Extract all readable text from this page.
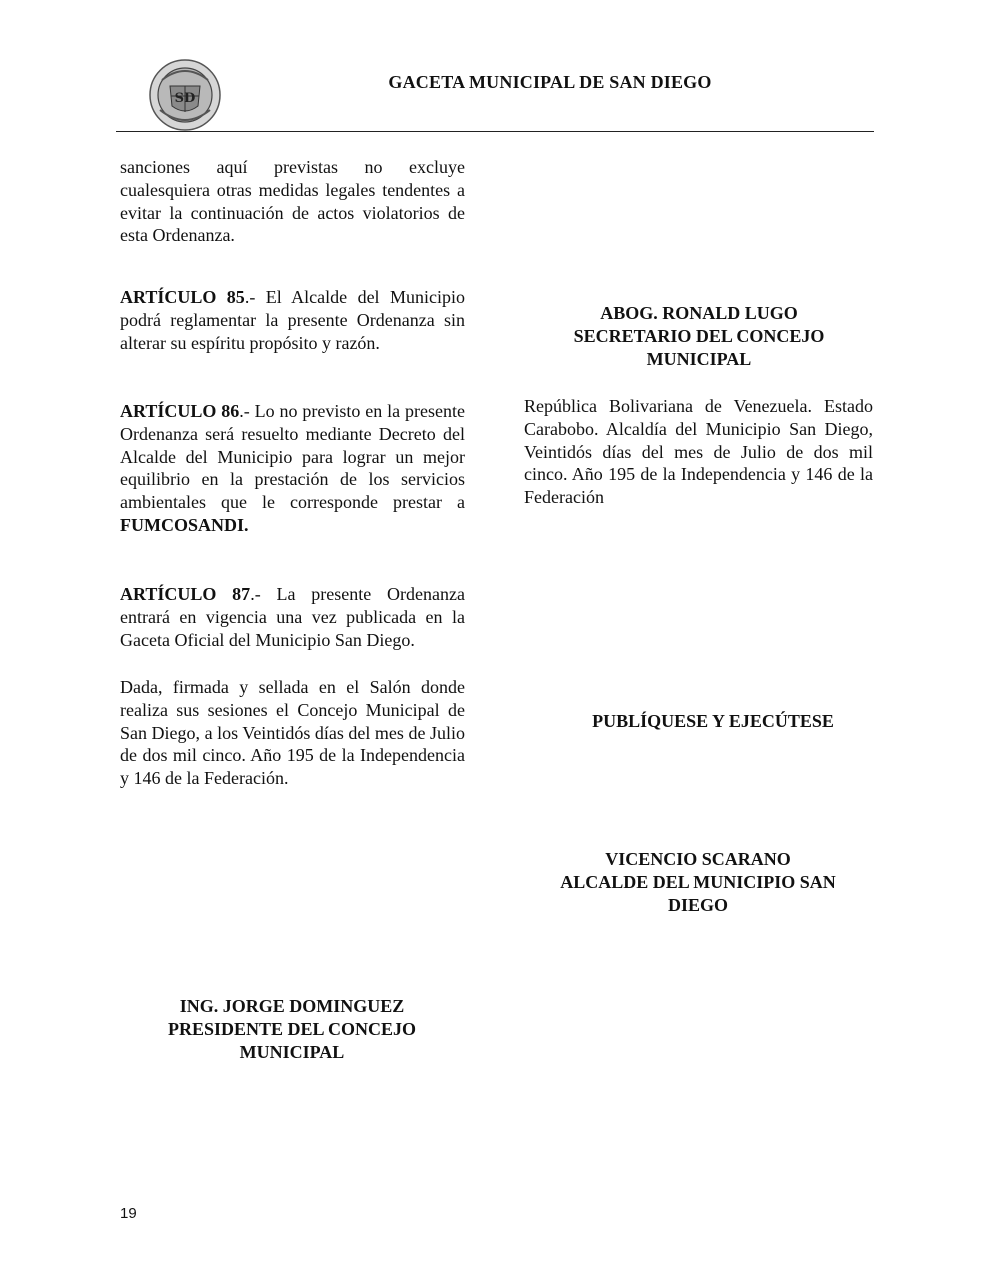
SD
GACETA MUNICIPAL DE SAN DIEGO

sanciones aquí previstas no excluye cualesquiera otras medidas legales tendentes a evitar la continuación de actos violatorios de esta Ordenanza.

ARTÍCULO 85.- El Alcalde del Municipio podrá reglamentar la presente Ordenanza sin alterar su espíritu propósito y razón.

ARTÍCULO 86.- Lo no previsto en la presente Ordenanza será resuelto mediante Decreto del Alcalde del Municipio para lograr un mejor equilibrio en la prestación de los servicios ambientales que le corresponde prestar a FUMCOSANDI.

ARTÍCULO 87.- La presente Ordenanza entrará en vigencia una vez publicada en la Gaceta Oficial del Municipio San Diego.

Dada, firmada y sellada en el Salón donde realiza sus sesiones el Concejo Municipal de San Diego, a los Veintidós días del mes de Julio de dos mil cinco. Año 195 de la Independencia y 146 de la Federación.

ING. JORGE DOMINGUEZ

PRESIDENTE DEL CONCEJO MUNICIPAL

ABOG. RONALD LUGO

SECRETARIO DEL CONCEJO MUNICIPAL

República Bolivariana de Venezuela. Estado Carabobo. Alcaldía del Municipio San Diego, Veintidós días del mes de Julio de dos mil cinco. Año 195 de la Independencia y 146 de la Federación

PUBLÍQUESE Y EJECÚTESE

VICENCIO SCARANO

ALCALDE DEL MUNICIPIO SAN DIEGO

19
